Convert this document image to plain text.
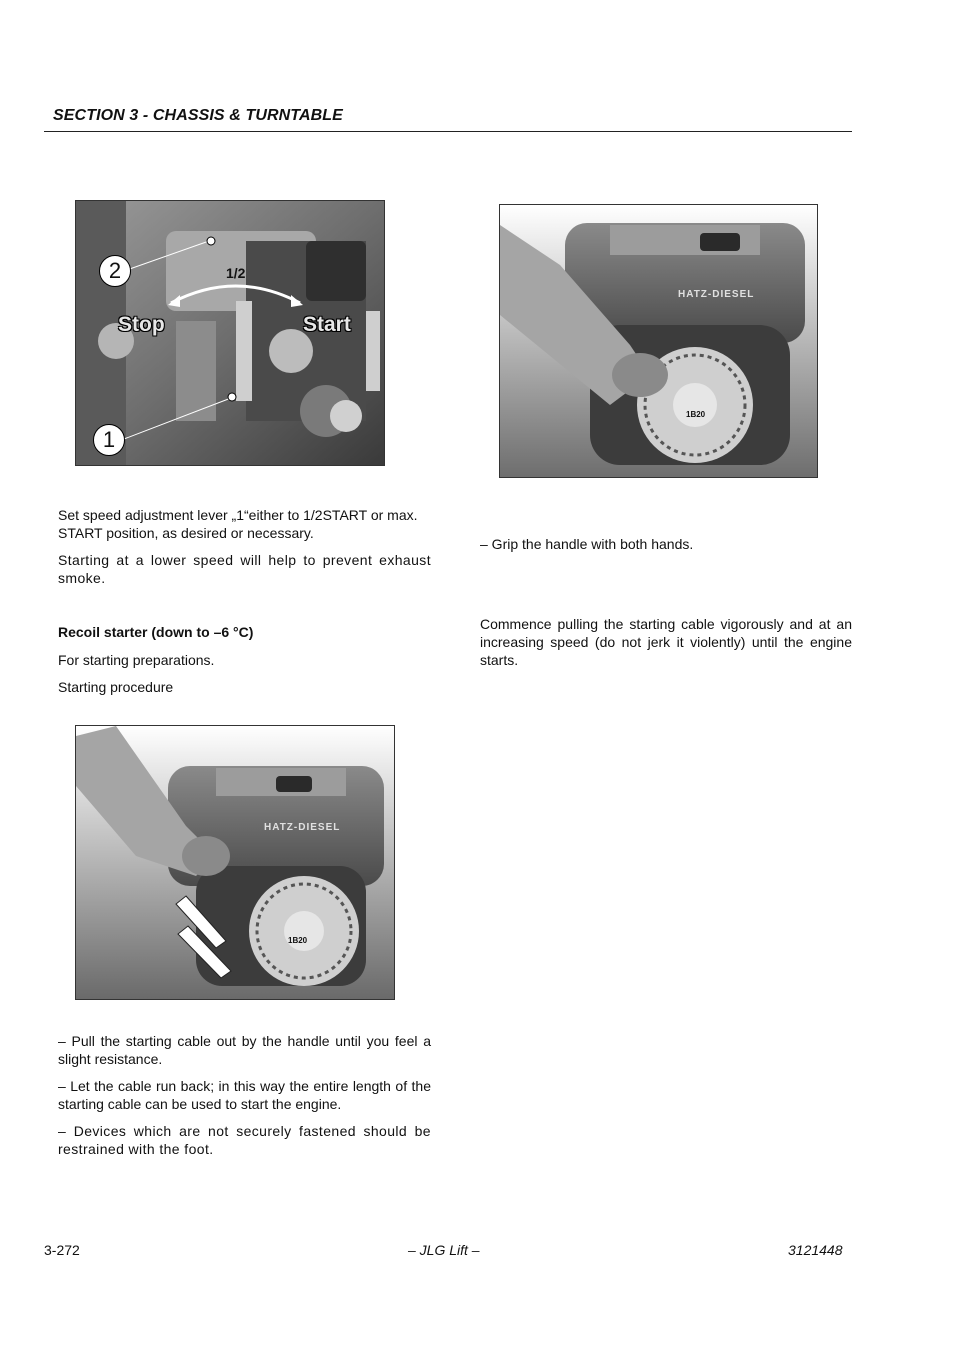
SECTION 3 - CHASSIS & TURNTABLE
2
1
1/2
Stop	Start
HATZ-DIESEL
1B20

Set speed adjustment lever „1“either to 1/2START or max. START position, as desired or necessary.

Starting at a lower speed will help to prevent exhaust smoke.

Recoil starter (down to –6 °C)

For starting preparations.

Starting procedure

HATZ-DIESEL
1B20

– Pull the starting cable out by the handle until you feel a slight resistance.

– Let the cable run back; in this way the entire length of the starting cable can be used to start the engine.

– Devices which are not securely fastened should be restrained with the foot.

– Grip the handle with both hands.

Commence pulling the starting cable vigorously and at an increasing speed (do not jerk it violently) until the engine starts.

3-272	– JLG Lift –	3121448
